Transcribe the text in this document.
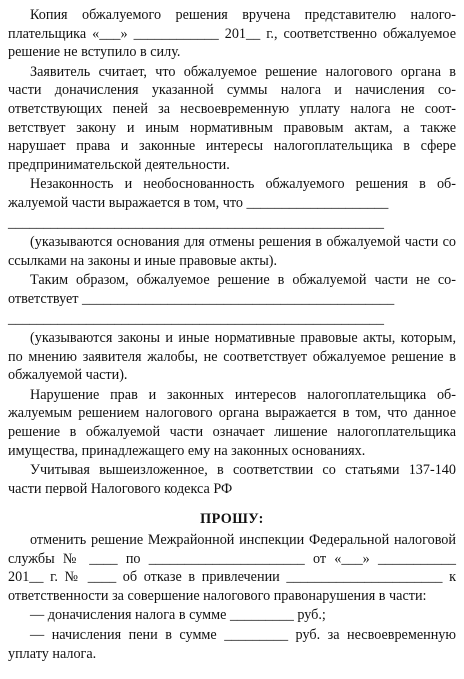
Копия обжалуемого решения вручена представителю налогоплательщика «___» ____________ 201__ г., соответственно обжалуемое решение не вступило в силу.

Заявитель считает, что обжалуемое решение налогового органа в части доначисления указанной суммы налога и начисления соответствующих пеней за несвоевременную уплату налога не соответствует закону и иным нормативным правовым актам, а также нарушает права и законные интересы налогоплательщика в сфере предпринимательской деятельности.

Незаконность и необоснованность обжалуемого решения в обжалуемой части выражается в том, что ____________________

_____________________________________________________

(указываются основания для отмены решения в обжалуемой части со ссылками на законы и иные правовые акты).

Таким образом, обжалуемое решение в обжалуемой части не соответствует ____________________________________________

_____________________________________________________

(указываются законы и иные нормативные правовые акты, которым, по мнению заявителя жалобы, не соответствует обжалуемое решение в обжалуемой части).

Нарушение прав и законных интересов налогоплательщика обжалуемым решением налогового органа выражается в том, что данное решение в обжалуемой части означает лишение налогоплательщика имущества, принадлежащего ему на законных основаниях.

Учитывая вышеизложенное, в соответствии со статьями 137-140 части первой Налогового кодекса РФ

ПРОШУ:

отменить решение Межрайонной инспекции Федеральной налоговой службы № ____ по ______________________ от «___» ___________ 201__ г. № ____ об отказе в привлечении ______________________ к ответственности за совершение налогового правонарушения в части:

— доначисления налога в сумме _________ руб.;

— начисления пени в сумме _________ руб. за несвоевременную уплату налога.
